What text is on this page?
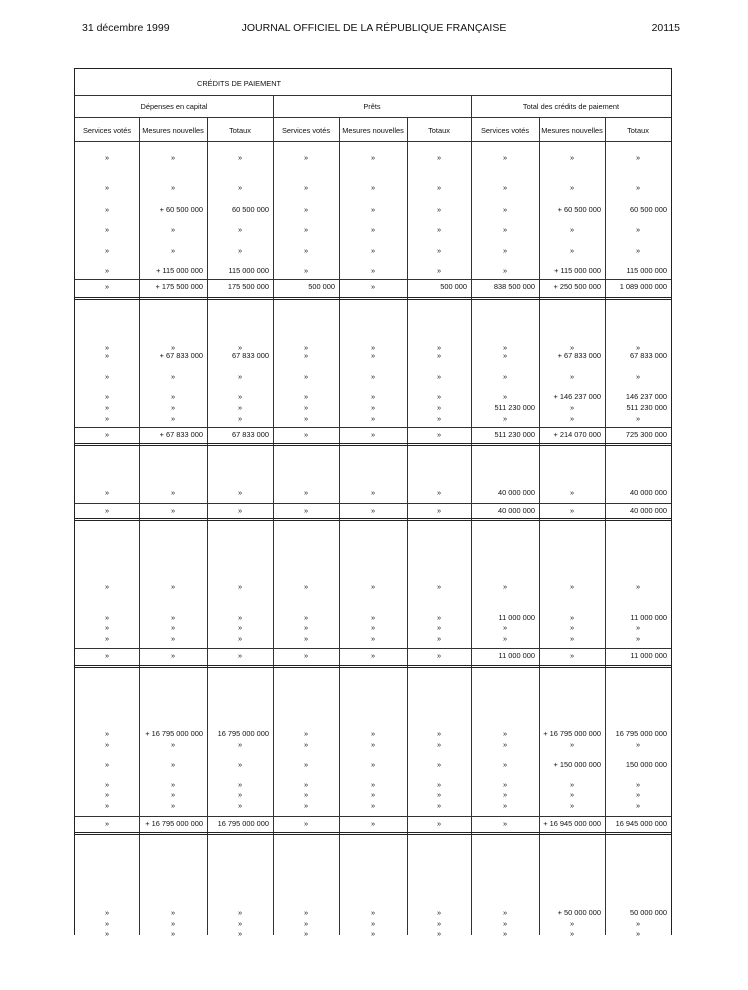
31 décembre 1999	JOURNAL OFFICIEL DE LA RÉPUBLIQUE FRANÇAISE	20115
CRÉDITS DE PAIEMENT
Dépenses en capital	Prêts	Total des crédits de paiement
Services votés	Mesures nouvelles	Totaux	Services votés	Mesures nouvelles	Totaux	Services votés	Mesures nouvelles	Totaux
»	»	»	»	»	»	»	»	»
»	»	»	»	»	»	»	»	»
»	+ 60 500 000	60 500 000	»	»	»	»	+ 60 500 000	60 500 000
»	»	»	»	»	»	»	»	»
»	»	»	»	»	»	»	»	»
»	+ 115 000 000	115 000 000	»	»	»	»	+ 115 000 000	115 000 000
»	+ 175 500 000	175 500 000	500 000	»	500 000	838 500 000	+ 250 500 000	1 089 000 000
»	»	»	»	»	»	»	»	»
»	+ 67 833 000	67 833 000	»	»	»	»	+ 67 833 000	67 833 000
»	»	»	»	»	»	»	»	»
»	»	»	»	»	»	»	+ 146 237 000	146 237 000
»	»	»	»	»	»	511 230 000	»	511 230 000
»	»	»	»	»	»	»	»	»
»	+ 67 833 000	67 833 000	»	»	»	511 230 000	+ 214 070 000	725 300 000
»	»	»	»	»	»	40 000 000	»	40 000 000
»	»	»	»	»	»	40 000 000	»	40 000 000
»	»	»	»	»	»	»	»	»
»	»	»	»	»	»	11 000 000	»	11 000 000
»	»	»	»	»	»	»	»	»
»	»	»	»	»	»	»	»	»
»	»	»	»	»	»	11 000 000	»	11 000 000
»	+ 16 795 000 000	16 795 000 000	»	»	»	»	+ 16 795 000 000	16 795 000 000
»	»	»	»	»	»	»	»	»
»	»	»	»	»	»	»	+ 150 000 000	150 000 000
»	»	»	»	»	»	»	»	»
»	»	»	»	»	»	»	»	»
»	»	»	»	»	»	»	»	»
»	+ 16 795 000 000	16 795 000 000	»	»	»	»	+ 16 945 000 000	16 945 000 000
»	»	»	»	»	»	»	+ 50 000 000	50 000 000
»	»	»	»	»	»	»	»	»
»	»	»	»	»	»	»	»	»
